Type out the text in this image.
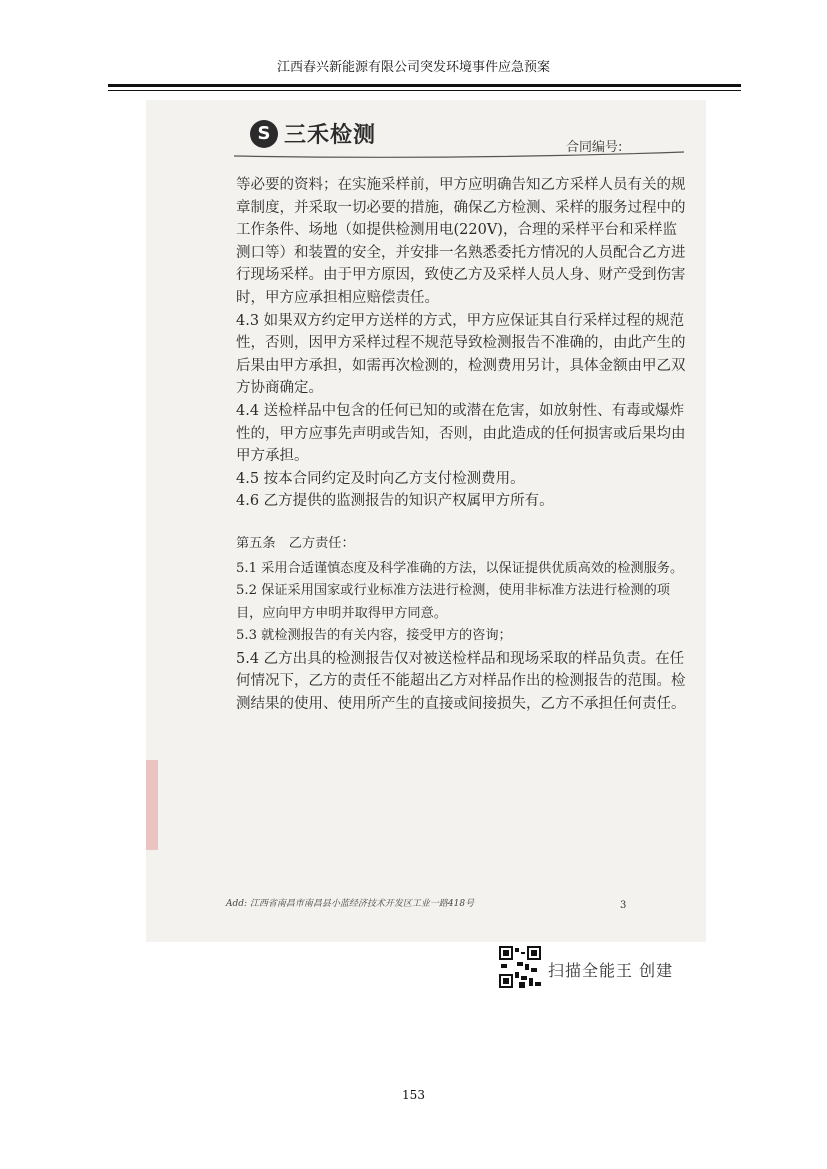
江西春兴新能源有限公司突发环境事件应急预案
S 三禾检测	合同编号:

等必要的资料；在实施采样前，甲方应明确告知乙方采样人员有关的规章制度，并采取一切必要的措施，确保乙方检测、采样的服务过程中的工作条件、场地（如提供检测用电(220V)，合理的采样平台和采样监测口等）和装置的安全，并安排一名熟悉委托方情况的人员配合乙方进行现场采样。由于甲方原因，致使乙方及采样人员人身、财产受到伤害时，甲方应承担相应赔偿责任。

4.3 如果双方约定甲方送样的方式，甲方应保证其自行采样过程的规范性，否则，因甲方采样过程不规范导致检测报告不准确的，由此产生的后果由甲方承担，如需再次检测的，检测费用另计，具体金额由甲乙双方协商确定。

4.4 送检样品中包含的任何已知的或潜在危害，如放射性、有毒或爆炸性的，甲方应事先声明或告知，否则，由此造成的任何损害或后果均由甲方承担。

4.5 按本合同约定及时向乙方支付检测费用。

4.6 乙方提供的监测报告的知识产权属甲方所有。

第五条　乙方责任：

5.1 采用合适谨慎态度及科学准确的方法，以保证提供优质高效的检测服务。

5.2 保证采用国家或行业标准方法进行检测，使用非标准方法进行检测的项目，应向甲方申明并取得甲方同意。

5.3 就检测报告的有关内容，接受甲方的咨询；

5.4 乙方出具的检测报告仅对被送检样品和现场采取的样品负责。在任何情况下，乙方的责任不能超出乙方对样品作出的检测报告的范围。检测结果的使用、使用所产生的直接或间接损失，乙方不承担任何责任。

Add: 江西省南昌市南昌县小蓝经济技术开发区工业一路418号	3
扫描全能王 创建
153
